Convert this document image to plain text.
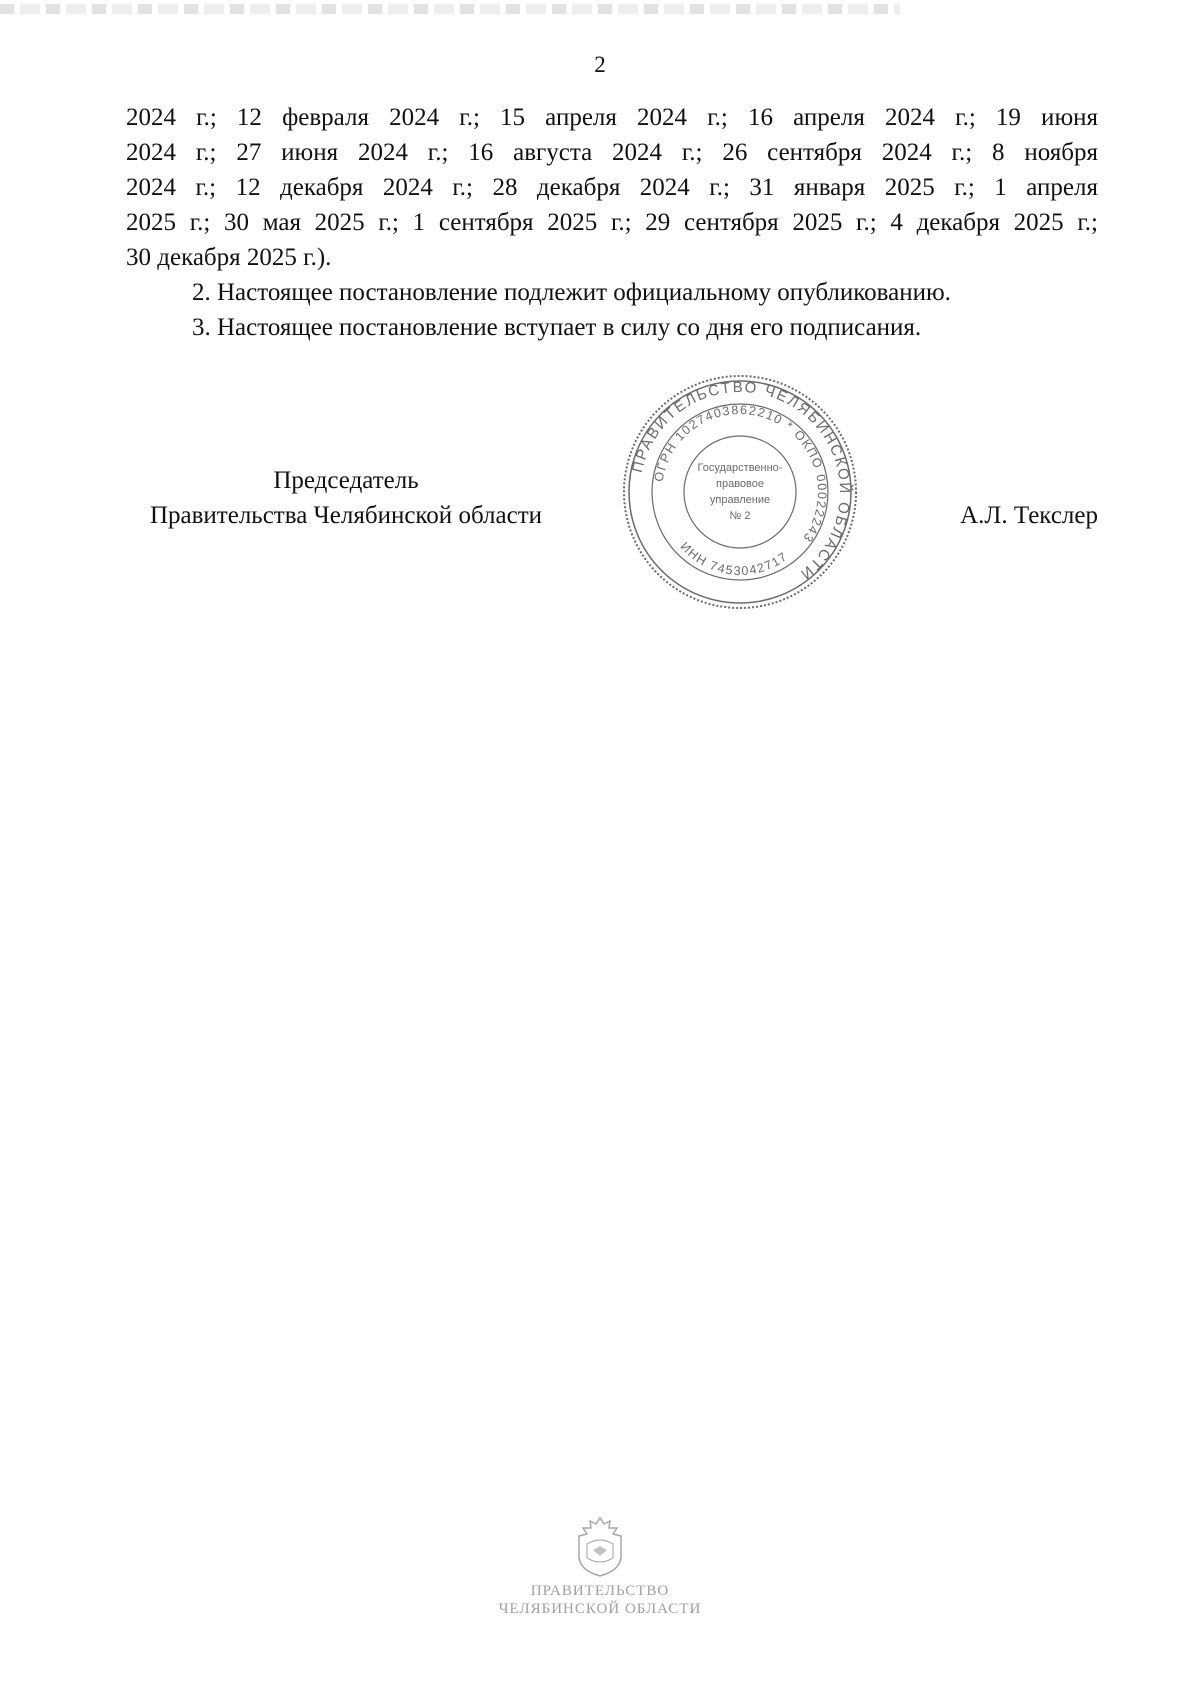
2
2024 г.; 12 февраля 2024 г.; 15 апреля 2024 г.; 16 апреля 2024 г.; 19 июня
2024 г.; 27 июня 2024 г.; 16 августа 2024 г.; 26 сентября 2024 г.; 8 ноября
2024 г.; 12 декабря 2024 г.; 28 декабря 2024 г.; 31 января 2025 г.; 1 апреля
2025 г.; 30 мая 2025 г.; 1 сентября 2025 г.; 29 сентября 2025 г.; 4 декабря 2025 г.;
30 декабря 2025 г.).
2. Настоящее постановление подлежит официальному опубликованию.
3. Настоящее постановление вступает в силу со дня его подписания.
Председатель
Правительства Челябинской области	А.Л. Текслер
ПРАВИТЕЛЬСТВО ЧЕЛЯБИНСКОЙ ОБЛАСТИ
ОГРН 1027403862210 * ОКПО 00022243
ИНН 7453042717
Государственно-
правовое
управление
№ 2
ПРАВИТЕЛЬСТВО
ЧЕЛЯБИНСКОЙ ОБЛАСТИ
